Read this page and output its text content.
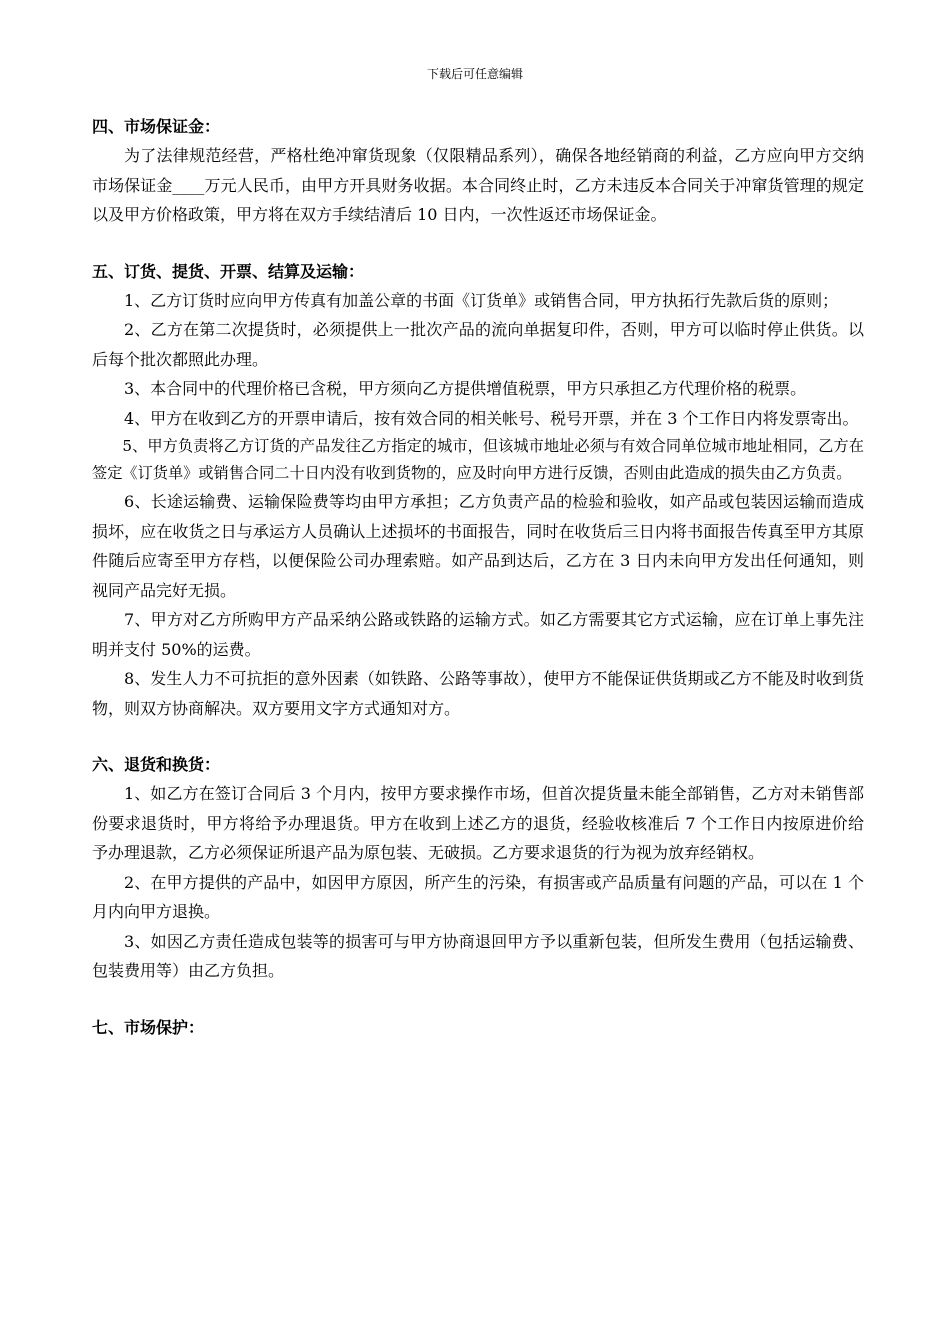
下载后可任意编辑

四、市场保证金：

为了法律规范经营，严格杜绝冲窜货现象（仅限精品系列），确保各地经销商的利益，乙方应向甲方交纳市场保证金____万元人民币，由甲方开具财务收据。本合同终止时，乙方未违反本合同关于冲窜货管理的规定以及甲方价格政策，甲方将在双方手续结清后 10 日内，一次性返还市场保证金。

五、订货、提货、开票、结算及运输：

1、乙方订货时应向甲方传真有加盖公章的书面《订货单》或销售合同，甲方执拓行先款后货的原则；

2、乙方在第二次提货时，必须提供上一批次产品的流向单据复印件，否则，甲方可以临时停止供货。以后每个批次都照此办理。

3、本合同中的代理价格已含税，甲方须向乙方提供增值税票，甲方只承担乙方代理价格的税票。

4、甲方在收到乙方的开票申请后，按有效合同的相关帐号、税号开票，并在 3 个工作日内将发票寄出。

5、甲方负责将乙方订货的产品发往乙方指定的城市，但该城市地址必须与有效合同单位城市地址相同，乙方在签定《订货单》或销售合同二十日内没有收到货物的，应及时向甲方进行反馈，否则由此造成的损失由乙方负责。

6、长途运输费、运输保险费等均由甲方承担；乙方负责产品的检验和验收，如产品或包装因运输而造成损坏，应在收货之日与承运方人员确认上述损坏的书面报告，同时在收货后三日内将书面报告传真至甲方其原件随后应寄至甲方存档，以便保险公司办理索赔。如产品到达后，乙方在 3 日内未向甲方发出任何通知，则视同产品完好无损。

7、甲方对乙方所购甲方产品采纳公路或铁路的运输方式。如乙方需要其它方式运输，应在订单上事先注明并支付 50%的运费。

8、发生人力不可抗拒的意外因素（如铁路、公路等事故），使甲方不能保证供货期或乙方不能及时收到货物，则双方协商解决。双方要用文字方式通知对方。

六、退货和换货：

1、如乙方在签订合同后 3 个月内，按甲方要求操作市场，但首次提货量未能全部销售，乙方对未销售部份要求退货时，甲方将给予办理退货。甲方在收到上述乙方的退货，经验收核准后 7 个工作日内按原进价给予办理退款，乙方必须保证所退产品为原包装、无破损。乙方要求退货的行为视为放弃经销权。

2、在甲方提供的产品中，如因甲方原因，所产生的污染，有损害或产品质量有问题的产品，可以在 1 个月内向甲方退换。

3、如因乙方责任造成包装等的损害可与甲方协商退回甲方予以重新包装，但所发生费用（包括运输费、包装费用等）由乙方负担。

七、市场保护：
